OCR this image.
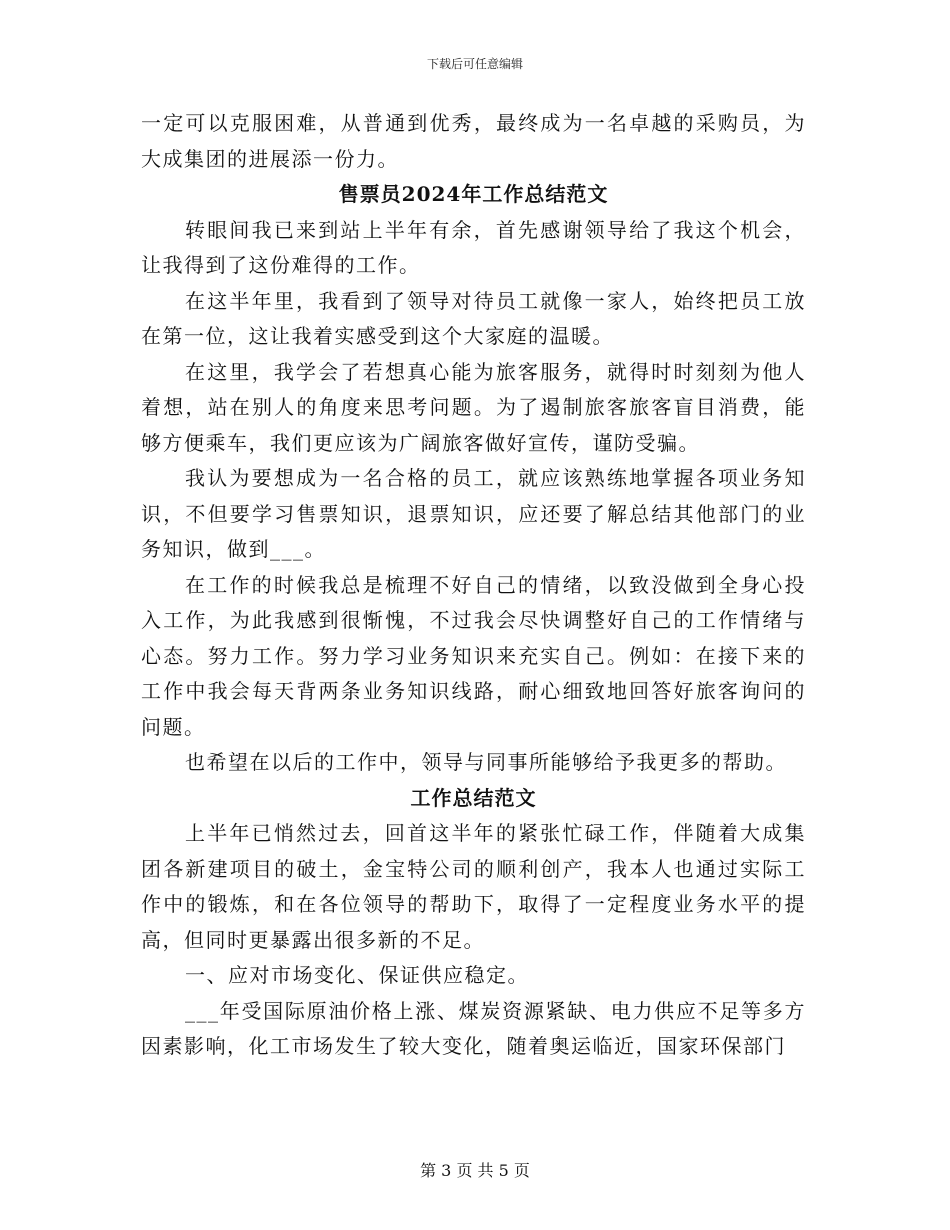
下载后可任意编辑

一定可以克服困难，从普通到优秀，最终成为一名卓越的采购员，为大成集团的进展添一份力。

售票员2024年工作总结范文

转眼间我已来到站上半年有余，首先感谢领导给了我这个机会，让我得到了这份难得的工作。

在这半年里，我看到了领导对待员工就像一家人，始终把员工放在第一位，这让我着实感受到这个大家庭的温暖。

在这里，我学会了若想真心能为旅客服务，就得时时刻刻为他人着想，站在别人的角度来思考问题。为了遏制旅客旅客盲目消费，能够方便乘车，我们更应该为广阔旅客做好宣传，谨防受骗。

我认为要想成为一名合格的员工，就应该熟练地掌握各项业务知识，不但要学习售票知识，退票知识，应还要了解总结其他部门的业务知识，做到___。

在工作的时候我总是梳理不好自己的情绪，以致没做到全身心投入工作，为此我感到很惭愧，不过我会尽快调整好自己的工作情绪与心态。努力工作。努力学习业务知识来充实自己。例如：在接下来的工作中我会每天背两条业务知识线路，耐心细致地回答好旅客询问的问题。

也希望在以后的工作中，领导与同事所能够给予我更多的帮助。

工作总结范文

上半年已悄然过去，回首这半年的紧张忙碌工作，伴随着大成集团各新建项目的破土，金宝特公司的顺利创产，我本人也通过实际工作中的锻炼，和在各位领导的帮助下，取得了一定程度业务水平的提高，但同时更暴露出很多新的不足。

一、应对市场变化、保证供应稳定。

___年受国际原油价格上涨、煤炭资源紧缺、电力供应不足等多方因素影响，化工市场发生了较大变化，随着奥运临近，国家环保部门

第 3 页 共 5 页
